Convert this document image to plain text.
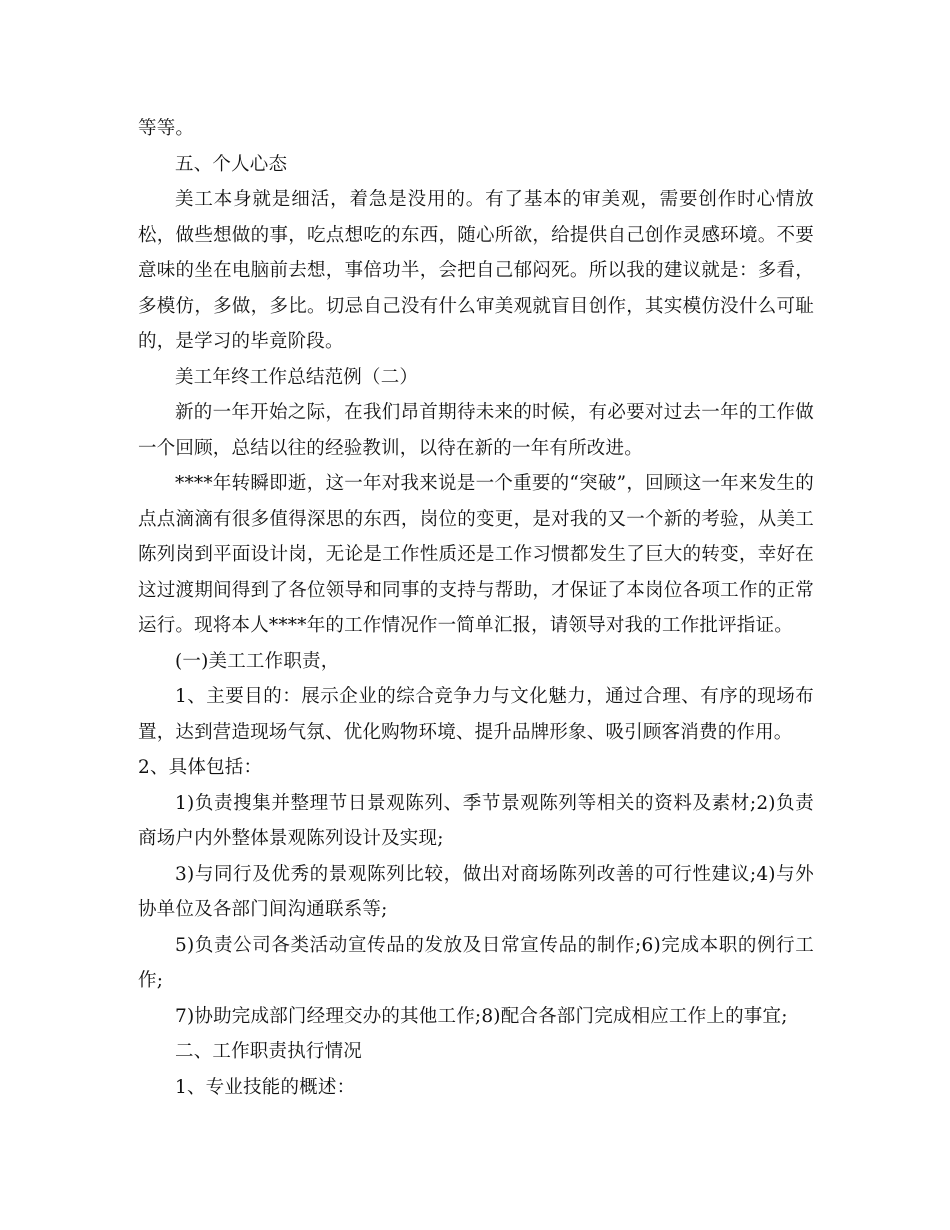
等等。

五、个人心态

美工本身就是细活，着急是没用的。有了基本的审美观，需要创作时心情放松，做些想做的事，吃点想吃的东西，随心所欲，给提供自己创作灵感环境。不要意味的坐在电脑前去想，事倍功半，会把自己郁闷死。所以我的建议就是：多看，多模仿，多做，多比。切忌自己没有什么审美观就盲目创作，其实模仿没什么可耻的，是学习的毕竟阶段。

美工年终工作总结范例（二）

新的一年开始之际，在我们昂首期待未来的时候，有必要对过去一年的工作做一个回顾，总结以往的经验教训，以待在新的一年有所改进。

****年转瞬即逝，这一年对我来说是一个重要的“突破”，回顾这一年来发生的点点滴滴有很多值得深思的东西，岗位的变更，是对我的又一个新的考验，从美工陈列岗到平面设计岗，无论是工作性质还是工作习惯都发生了巨大的转变，幸好在这过渡期间得到了各位领导和同事的支持与帮助，才保证了本岗位各项工作的正常运行。现将本人****年的工作情况作一简单汇报，请领导对我的工作批评指证。

(一)美工工作职责，

1、主要目的：展示企业的综合竞争力与文化魅力，通过合理、有序的现场布置，达到营造现场气氛、优化购物环境、提升品牌形象、吸引顾客消费的作用。

2、具体包括：

1)负责搜集并整理节日景观陈列、季节景观陈列等相关的资料及素材;2)负责商场户内外整体景观陈列设计及实现;

3)与同行及优秀的景观陈列比较，做出对商场陈列改善的可行性建议;4)与外协单位及各部门间沟通联系等;

5)负责公司各类活动宣传品的发放及日常宣传品的制作;6)完成本职的例行工作;

7)协助完成部门经理交办的其他工作;8)配合各部门完成相应工作上的事宜;

二、工作职责执行情况

1、专业技能的概述：
